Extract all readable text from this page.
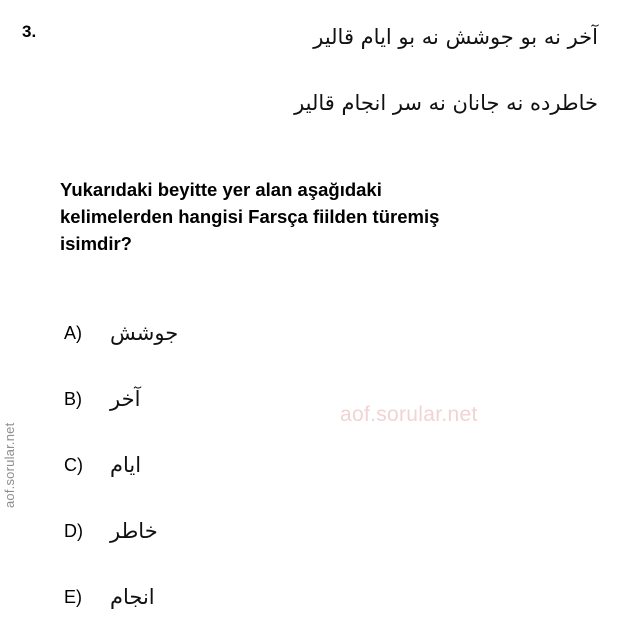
3.	آخر نه بو جوشش نه بو ايام قالير
خاطرده نه جانان نه سر انجام قالير
Yukarıdaki beyitte yer alan aşağıdaki
kelimelerden hangisi Farsça fiilden türemiş
isimdir?
A)	جوشش
B)	آخر
C)	ايام
D)	خاطر
E)	انجام
aof.sorular.net
aof.sorular.net
